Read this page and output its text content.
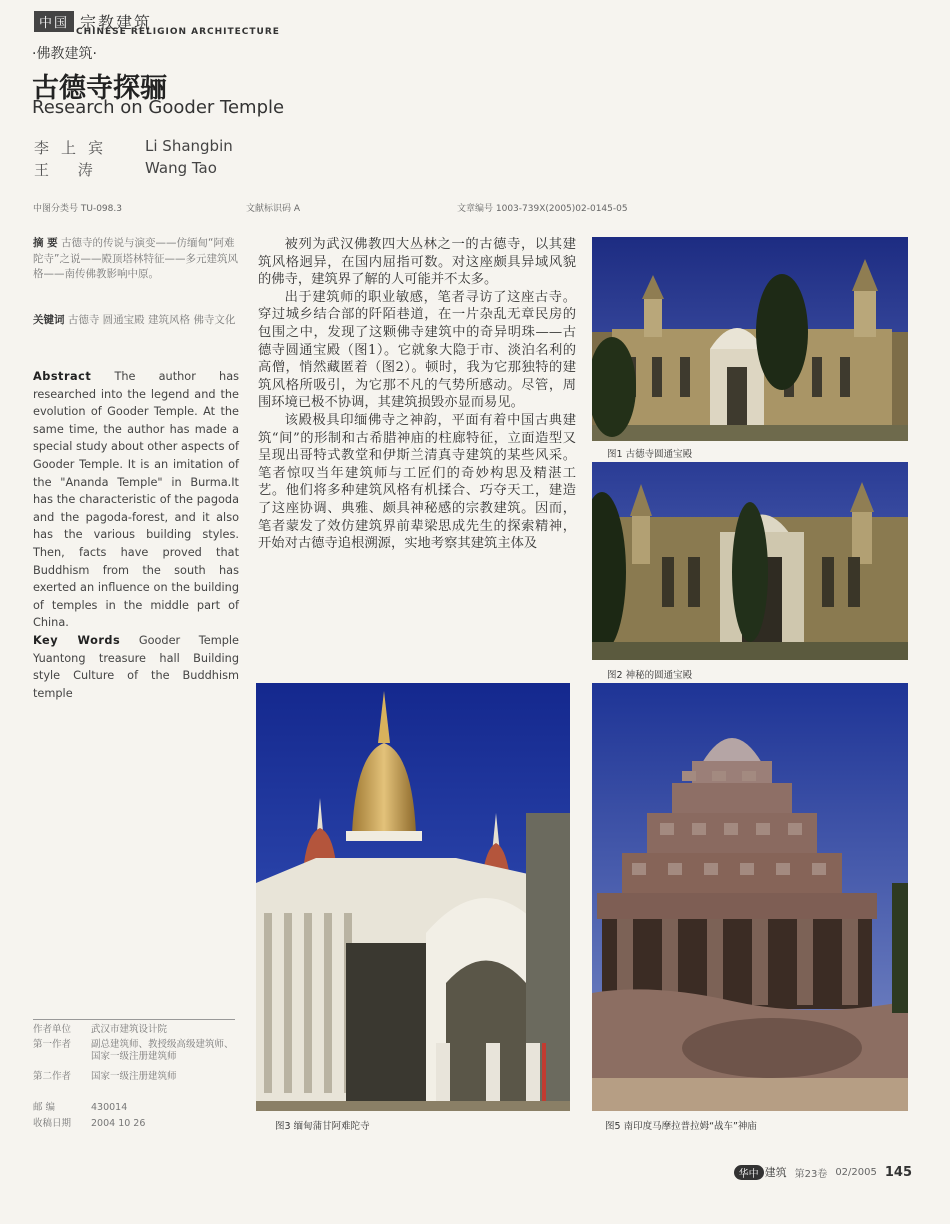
中国 宗教建筑
CHINESE RELIGION ARCHITECTURE
·佛教建筑·
古德寺探骊
Research on Gooder Temple
李上宾 Li Shangbin
王 涛	Wang Tao
中图分类号 TU-098.3	文献标识码 A	文章编号 1003-739X(2005)02-0145-05
摘 要 古德寺的传说与演变——仿缅甸“阿难陀寺”之说——殿顶塔林特征——多元建筑风格——南传佛教影响中原。
关键词 古德寺 圆通宝殿 建筑风格 佛寺文化
Abstract The author has researched into the legend and the evolution of Gooder Temple. At the same time, the author has made a special study about other aspects of Gooder Temple. It is an imitation of the "Ananda Temple" in Burma.It has the characteristic of the pagoda and the pagoda-forest, and it also has the various building styles. Then, facts have proved that Buddhism from the south has exerted an influence on the building of temples in the middle part of China.
Key Words Gooder Temple Yuantong treasure hall Building style Culture of the Buddhism temple

被列为武汉佛教四大丛林之一的古德寺，以其建筑风格迥异，在国内屈指可数。对这座颇具异域风貌的佛寺，建筑界了解的人可能并不太多。

出于建筑师的职业敏感，笔者寻访了这座古寺。穿过城乡结合部的阡陌巷道，在一片杂乱无章民房的包围之中，发现了这颗佛寺建筑中的奇异明珠——古德寺圆通宝殿（图1）。它就象大隐于市、淡泊名利的高僧，悄然藏匿着（图2）。顿时，我为它那独特的建筑风格所吸引，为它那不凡的气势所感动。尽管，周围环境已极不协调，其建筑损毁亦显而易见。

该殿极具印缅佛寺之神韵，平面有着中国古典建筑“间”的形制和古希腊神庙的柱廊特征，立面造型又呈现出哥特式教堂和伊斯兰清真寺建筑的某些风采。笔者惊叹当年建筑师与工匠们的奇妙构思及精湛工艺。他们将多种建筑风格有机揉合、巧夺天工，建造了这座协调、典雅、颇具神秘感的宗教建筑。因而，笔者蒙发了效仿建筑界前辈梁思成先生的探索精神，开始对古德寺追根溯源，实地考察其建筑主体及

图1 古德寺圆通宝殿
图2 神秘的圆通宝殿
图3 缅甸蒲甘阿难陀寺	图5 南印度马摩拉普拉姆“战车”神庙
作者单位	武汉市建筑设计院
第一作者	副总建筑师、教授级高级建筑师、国家一级注册建筑师
第二作者	国家一级注册建筑师
邮 编	430014
收稿日期	2004 10 26
华中 建筑 第23卷 02/2005 145
